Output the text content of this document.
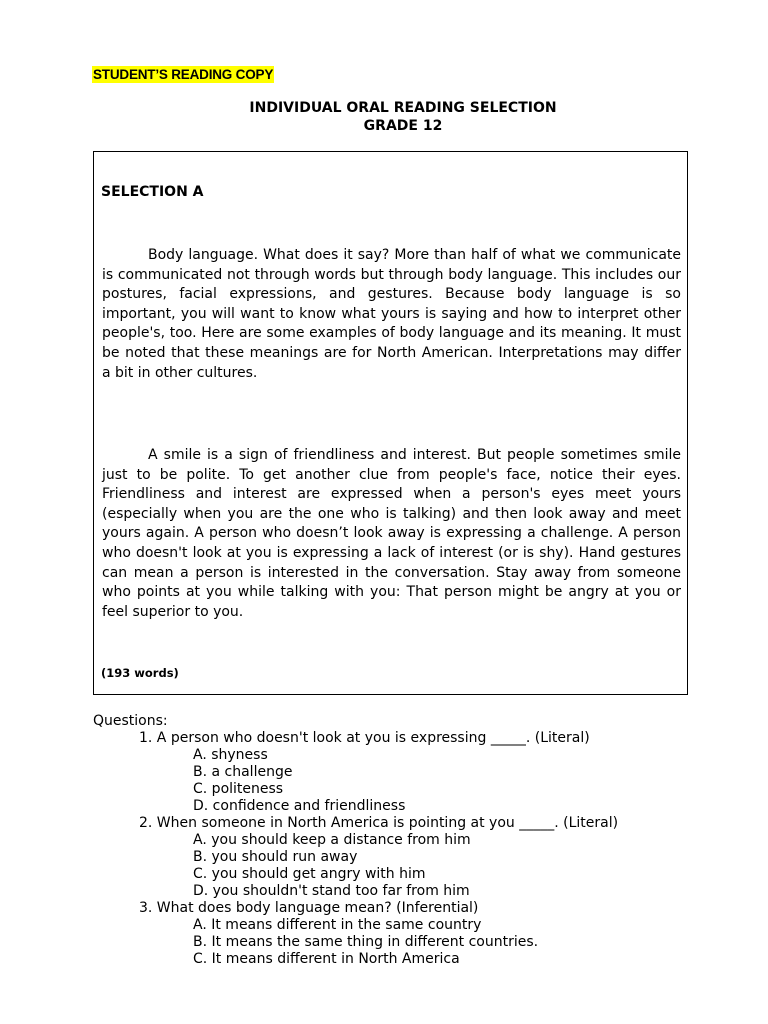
STUDENT’S READING COPY
INDIVIDUAL ORAL READING SELECTION
GRADE 12
SELECTION A

Body language. What does it say? More than half of what we communicate is communicated not through words but through body language. This includes our postures, facial expressions, and gestures. Because body language is so important, you will want to know what yours is saying and how to interpret other people's, too. Here are some examples of body language and its meaning. It must be noted that these meanings are for North American. Interpretations may differ a bit in other cultures.

A smile is a sign of friendliness and interest. But people sometimes smile just to be polite. To get another clue from people's face, notice their eyes. Friendliness and interest are expressed when a person's eyes meet yours (especially when you are the one who is talking) and then look away and meet yours again. A person who doesn’t look away is expressing a challenge. A person who doesn't look at you is expressing a lack of interest (or is shy). Hand gestures can mean a person is interested in the conversation. Stay away from someone who points at you while talking with you: That person might be angry at you or feel superior to you.

(193 words)

Questions:

1. A person who doesn't look at you is expressing _____. (Literal)

A. shyness

B. a challenge

C. politeness

D. confidence and friendliness

2. When someone in North America is pointing at you _____. (Literal)

A. you should keep a distance from him

B. you should run away

C. you should get angry with him

D. you shouldn't stand too far from him

3. What does body language mean? (Inferential)

A. It means different in the same country

B. It means the same thing in different countries.

C. It means different in North America
